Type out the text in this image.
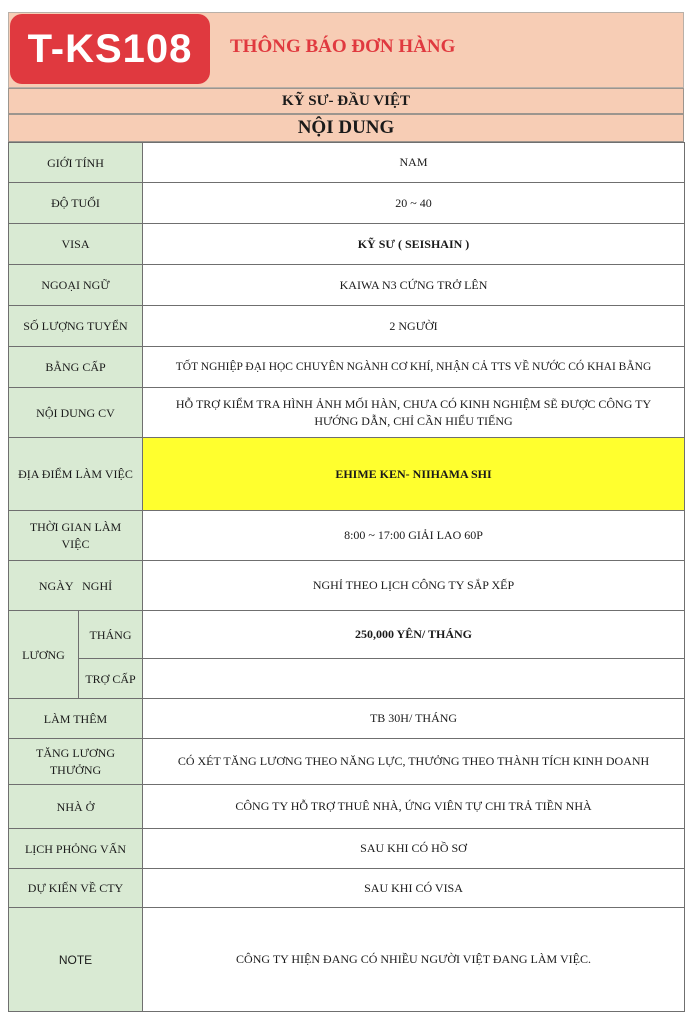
T-KS108	THÔNG BÁO ĐƠN HÀNG
KỸ SƯ- ĐẦU VIỆT
NỘI DUNG
GIỚI TÍNH		NAM
ĐỘ TUỔI		20 ~ 40
VISA		KỸ SƯ ( SEISHAIN )
NGOẠI NGỮ		KAIWA N3 CỨNG TRỞ LÊN
SỐ LƯỢNG TUYỂN		2 NGƯỜI
BẰNG CẤP		TỐT NGHIỆP ĐẠI HỌC CHUYÊN NGÀNH CƠ KHÍ, NHẬN CẢ TTS VỀ NƯỚC CÓ KHAI BẰNG
NỘI DUNG CV		HỖ TRỢ KIỂM TRA HÌNH ẢNH MỐI HÀN, CHƯA CÓ KINH NGHIỆM SẼ ĐƯỢC CÔNG TY
HƯỚNG DẪN, CHỈ CẦN HIỂU TIẾNG

ĐỊA ĐIỂM LÀM VIỆC		EHIME KEN- NIIHAMA SHI

THỜI GIAN LÀM
VIỆC		8:00 ~ 17:00 GIẢI LAO 60P
NGÀY   NGHỈ		NGHỈ THEO LỊCH CÔNG TY SẮP XẾP
LƯƠNG	THÁNG	250,000 YÊN/ THÁNG
	TRỢ CẤP	
LÀM THÊM		TB 30H/ THÁNG

TĂNG LƯƠNG
THƯỞNG		CÓ XÉT TĂNG LƯƠNG THEO NĂNG LỰC, THƯỞNG THEO THÀNH TÍCH KINH DOANH
NHÀ Ở		CÔNG TY HỖ TRỢ THUÊ NHÀ, ỨNG VIÊN TỰ CHI TRẢ TIỀN NHÀ
LỊCH PHỎNG VẤN		SAU KHI CÓ HỒ SƠ
DỰ KIẾN VỀ CTY		SAU KHI CÓ VISA
NOTE		CÔNG TY HIỆN ĐANG CÓ NHIỀU NGƯỜI VIỆT ĐANG LÀM VIỆC.
